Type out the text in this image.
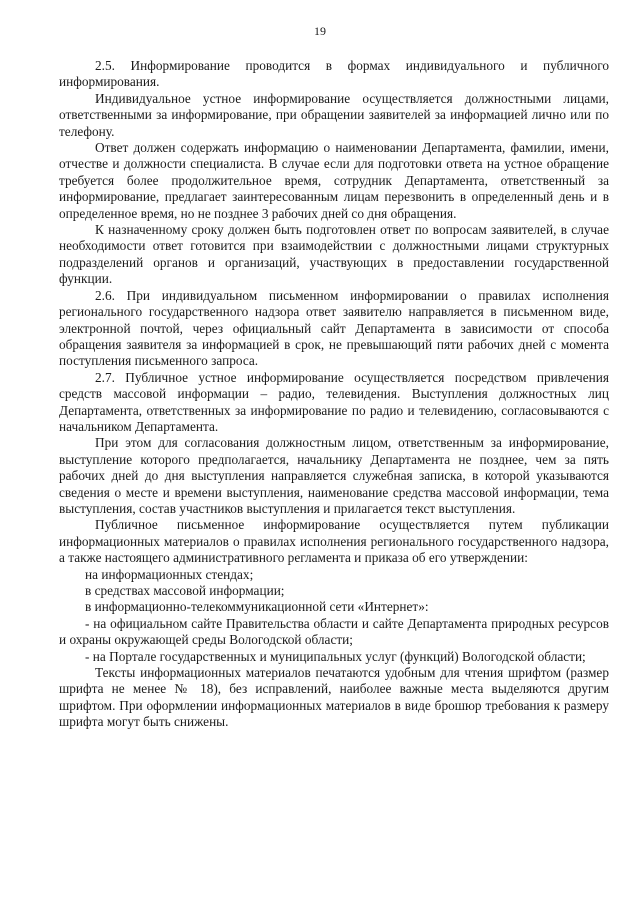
19

2.5. Информирование проводится в формах индивидуального и публичного информирования.

Индивидуальное устное информирование осуществляется должностными лицами, ответственными за информирование, при обращении заявителей за информацией лично или по телефону.

Ответ должен содержать информацию о наименовании Департамента, фамилии, имени, отчестве и должности специалиста. В случае если для подготовки ответа на устное обращение требуется более продолжительное время, сотрудник Департамента, ответственный за информирование, предлагает заинтересованным лицам перезвонить в определенный день и в определенное время, но не позднее 3 рабочих дней со дня обращения.

К назначенному сроку должен быть подготовлен ответ по вопросам заявителей, в случае необходимости ответ готовится при взаимодействии с должностными лицами структурных подразделений органов и организаций, участвующих в предоставлении государственной функции.

2.6. При индивидуальном письменном информировании о правилах исполнения регионального государственного надзора ответ заявителю направляется в письменном виде, электронной почтой, через официальный сайт Департамента в зависимости от способа обращения заявителя за информацией в срок, не превышающий пяти рабочих дней с момента поступления письменного запроса.

2.7. Публичное устное информирование осуществляется посредством привлечения средств массовой информации – радио, телевидения. Выступления должностных лиц Департамента, ответственных за информирование по радио и телевидению, согласовываются с начальником Департамента.

При этом для согласования должностным лицом, ответственным за информирование, выступление которого предполагается, начальнику Департамента не позднее, чем за пять рабочих дней до дня выступления направляется служебная записка, в которой указываются сведения о месте и времени выступления, наименование средства массовой информации, тема выступления, состав участников выступления и прилагается текст выступления.

Публичное письменное информирование осуществляется путем публикации информационных материалов о правилах исполнения регионального государственного надзора, а также настоящего административного регламента и приказа об его утверждении:

на информационных стендах;

в средствах массовой информации;

в информационно-телекоммуникационной сети «Интернет»:

- на официальном сайте Правительства области и сайте Департамента природных ресурсов и охраны окружающей среды Вологодской области;

- на Портале государственных и муниципальных услуг (функций) Вологодской области;

Тексты информационных материалов печатаются удобным для чтения шрифтом (размер шрифта не менее № 18), без исправлений, наиболее важные места выделяются другим шрифтом. При оформлении информационных материалов в виде брошюр требования к размеру шрифта могут быть снижены.
